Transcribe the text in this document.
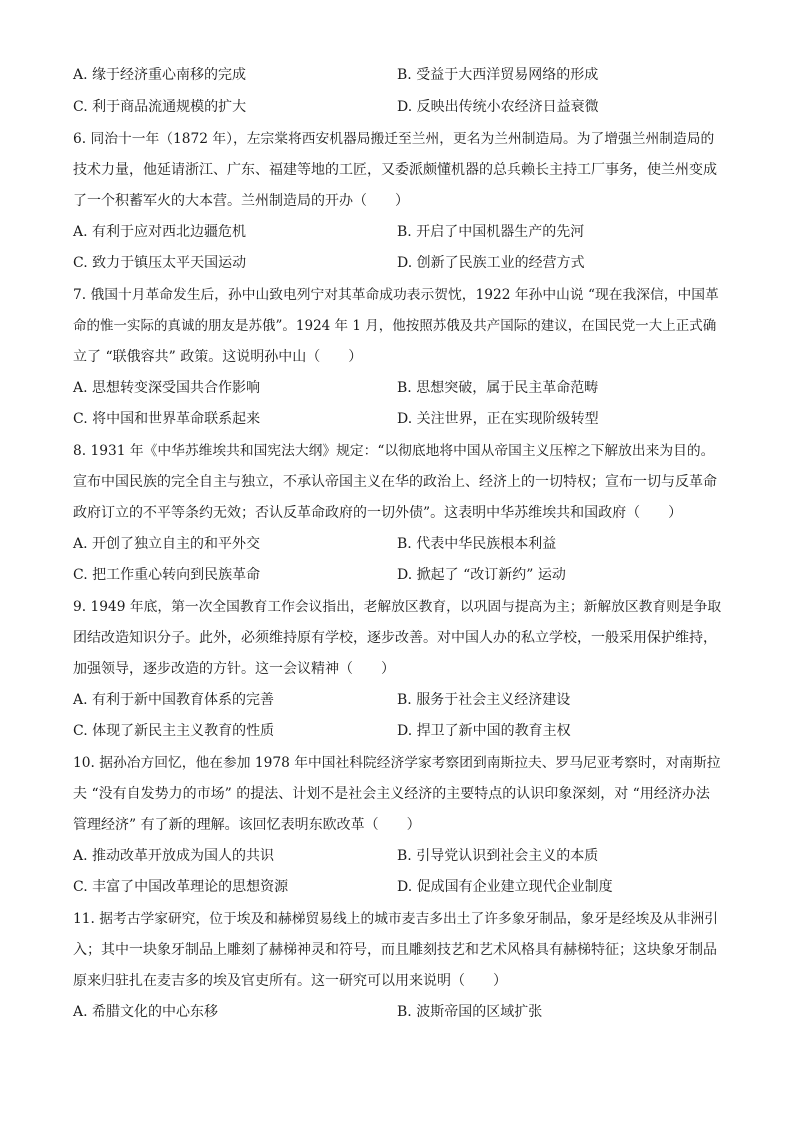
A. 缘于经济重心南移的完成	B. 受益于大西洋贸易网络的形成
C. 利于商品流通规模的扩大	D. 反映出传统小农经济日益衰微
6. 同治十一年（1872 年），左宗棠将西安机器局搬迁至兰州，更名为兰州制造局。为了增强兰州制造局的
技术力量，他延请浙江、广东、福建等地的工匠，又委派颇懂机器的总兵赖长主持工厂事务，使兰州变成
了一个积蓄军火的大本营。兰州制造局的开办（　　）
A. 有利于应对西北边疆危机	B. 开启了中国机器生产的先河
C. 致力于镇压太平天国运动	D. 创新了民族工业的经营方式
7. 俄国十月革命发生后，孙中山致电列宁对其革命成功表示贺忱，1922 年孙中山说 “现在我深信，中国革
命的惟一实际的真诚的朋友是苏俄”。1924 年 1 月，他按照苏俄及共产国际的建议，在国民党一大上正式确
立了 “联俄容共” 政策。这说明孙中山（　　）
A. 思想转变深受国共合作影响	B. 思想突破，属于民主革命范畴
C. 将中国和世界革命联系起来	D. 关注世界，正在实现阶级转型
8. 1931 年《中华苏维埃共和国宪法大纲》规定：“以彻底地将中国从帝国主义压榨之下解放出来为目的。
宣布中国民族的完全自主与独立，不承认帝国主义在华的政治上、经济上的一切特权；宣布一切与反革命
政府订立的不平等条约无效；否认反革命政府的一切外债”。这表明中华苏维埃共和国政府（　　）
A. 开创了独立自主的和平外交	B. 代表中华民族根本利益
C. 把工作重心转向到民族革命	D. 掀起了 “改订新约” 运动
9. 1949 年底，第一次全国教育工作会议指出，老解放区教育，以巩固与提高为主；新解放区教育则是争取
团结改造知识分子。此外，必须维持原有学校，逐步改善。对中国人办的私立学校，一般采用保护维持，
加强领导，逐步改造的方针。这一会议精神（　　）
A. 有利于新中国教育体系的完善	B. 服务于社会主义经济建设
C. 体现了新民主主义教育的性质	D. 捍卫了新中国的教育主权
10. 据孙冶方回忆，他在参加 1978 年中国社科院经济学家考察团到南斯拉夫、罗马尼亚考察时，对南斯拉
夫 “没有自发势力的市场” 的提法、计划不是社会主义经济的主要特点的认识印象深刻，对 “用经济办法
管理经济” 有了新的理解。该回忆表明东欧改革（　　）
A. 推动改革开放成为国人的共识	B. 引导党认识到社会主义的本质
C. 丰富了中国改革理论的思想资源	D. 促成国有企业建立现代企业制度
11. 据考古学家研究，位于埃及和赫梯贸易线上的城市麦吉多出土了许多象牙制品，象牙是经埃及从非洲引
入；其中一块象牙制品上雕刻了赫梯神灵和符号，而且雕刻技艺和艺术风格具有赫梯特征；这块象牙制品
原来归驻扎在麦吉多的埃及官吏所有。这一研究可以用来说明（　　）
A. 希腊文化的中心东移	B. 波斯帝国的区域扩张
